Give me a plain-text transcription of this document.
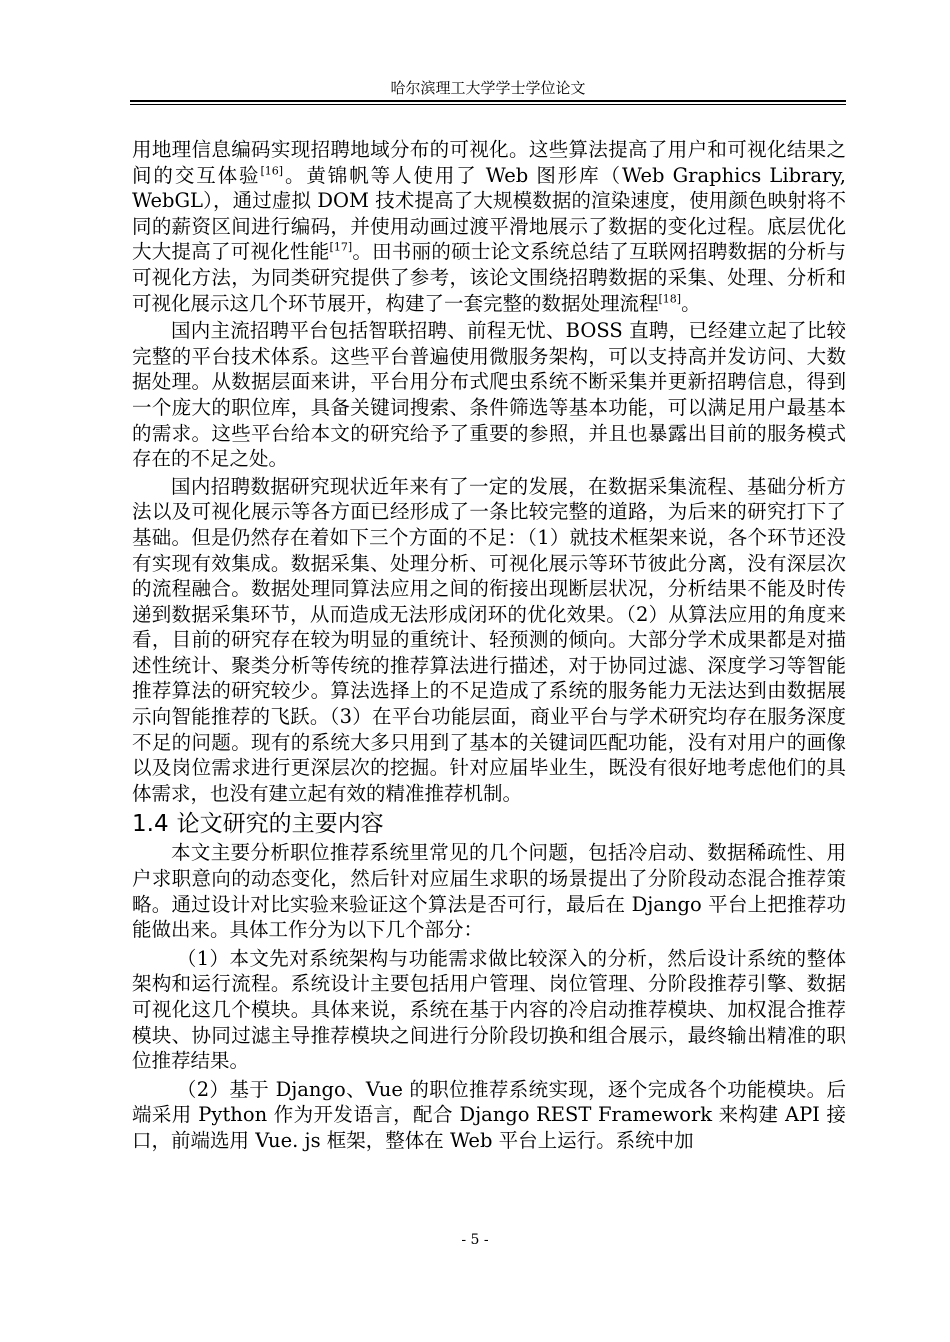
哈尔滨理工大学学士学位论文

用地理信息编码实现招聘地域分布的可视化。这些算法提高了用户和可视化结果之间的交互体验[16]。黄锦帆等人使用了 Web 图形库（Web Graphics Library, WebGL），通过虚拟 DOM 技术提高了大规模数据的渲染速度，使用颜色映射将不同的薪资区间进行编码，并使用动画过渡平滑地展示了数据的变化过程。底层优化大大提高了可视化性能[17]。田书丽的硕士论文系统总结了互联网招聘数据的分析与可视化方法，为同类研究提供了参考，该论文围绕招聘数据的采集、处理、分析和可视化展示这几个环节展开，构建了一套完整的数据处理流程[18]。

国内主流招聘平台包括智联招聘、前程无忧、BOSS 直聘，已经建立起了比较完整的平台技术体系。这些平台普遍使用微服务架构，可以支持高并发访问、大数据处理。从数据层面来讲，平台用分布式爬虫系统不断采集并更新招聘信息，得到一个庞大的职位库，具备关键词搜索、条件筛选等基本功能，可以满足用户最基本的需求。这些平台给本文的研究给予了重要的参照，并且也暴露出目前的服务模式存在的不足之处。

国内招聘数据研究现状近年来有了一定的发展，在数据采集流程、基础分析方法以及可视化展示等各方面已经形成了一条比较完整的道路，为后来的研究打下了基础。但是仍然存在着如下三个方面的不足：（1）就技术框架来说，各个环节还没有实现有效集成。数据采集、处理分析、可视化展示等环节彼此分离，没有深层次的流程融合。数据处理同算法应用之间的衔接出现断层状况，分析结果不能及时传递到数据采集环节，从而造成无法形成闭环的优化效果。（2）从算法应用的角度来看，目前的研究存在较为明显的重统计、轻预测的倾向。大部分学术成果都是对描述性统计、聚类分析等传统的推荐算法进行描述，对于协同过滤、深度学习等智能推荐算法的研究较少。算法选择上的不足造成了系统的服务能力无法达到由数据展示向智能推荐的飞跃。（3）在平台功能层面，商业平台与学术研究均存在服务深度不足的问题。现有的系统大多只用到了基本的关键词匹配功能，没有对用户的画像以及岗位需求进行更深层次的挖掘。针对应届毕业生，既没有很好地考虑他们的具体需求，也没有建立起有效的精准推荐机制。

1.4 论文研究的主要内容

本文主要分析职位推荐系统里常见的几个问题，包括冷启动、数据稀疏性、用户求职意向的动态变化，然后针对应届生求职的场景提出了分阶段动态混合推荐策略。通过设计对比实验来验证这个算法是否可行，最后在 Django 平台上把推荐功能做出来。具体工作分为以下几个部分：

（1）本文先对系统架构与功能需求做比较深入的分析，然后设计系统的整体架构和运行流程。系统设计主要包括用户管理、岗位管理、分阶段推荐引擎、数据可视化这几个模块。具体来说，系统在基于内容的冷启动推荐模块、加权混合推荐模块、协同过滤主导推荐模块之间进行分阶段切换和组合展示，最终输出精准的职位推荐结果。

（2）基于 Django、Vue 的职位推荐系统实现，逐个完成各个功能模块。后端采用 Python 作为开发语言，配合 Django REST Framework 来构建 API 接口，前端选用 Vue. js 框架，整体在 Web 平台上运行。系统中加

- 5 -
